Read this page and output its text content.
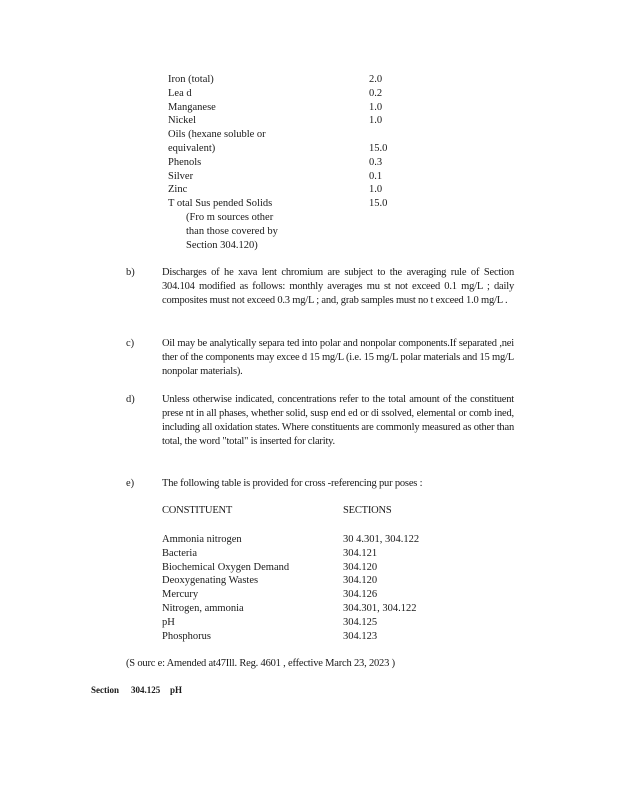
Iron (total)	2.0
Lea d	0.2
Manganese	1.0
Nickel	1.0
Oils (hexane soluble or
equivalent)	15.0
Phenols	0.3
Silver	0.1
Zinc	1.0
T otal Sus pended Solids	15.0
(Fro m sources other
than those covered by
Section 304.120)
b)	Discharges of he xava lent chromium are subject to the averaging rule of Section 304.104 modified as follows: monthly averages mu st not exceed 0.1 mg/L ; daily composites must not exceed 0.3 mg/L ; and, grab samples must no t exceed 1.0 mg/L .
c)	Oil may be analytically separa ted into polar and nonpolar components.If separated ,nei ther of the components may excee d 15 mg/L (i.e. 15 mg/L polar materials and 15 mg/L nonpolar materials).
d)	Unless otherwise indicated, concentrations refer to the total amount of the constituent prese nt in all phases, whether solid, susp end ed or di ssolved, elemental or comb ined, including all oxidation states. Where constituents are commonly measured as other than total, the word "total" is inserted for clarity.
e)	The following table is provided for cross -referencing pur poses :
CONSTITUENT	SECTIONS
Ammonia nitrogen	30 4.301, 304.122
Bacteria	304.121
Biochemical Oxygen Demand	304.120
Deoxygenating Wastes	304.120
Mercury	304.126
Nitrogen, ammonia	304.301, 304.122
pH	304.125
Phosphorus	304.123
(S ourc e: Amended at47Ill. Reg. 4601 , effective March 23, 2023 )
Section 304.125 pH
